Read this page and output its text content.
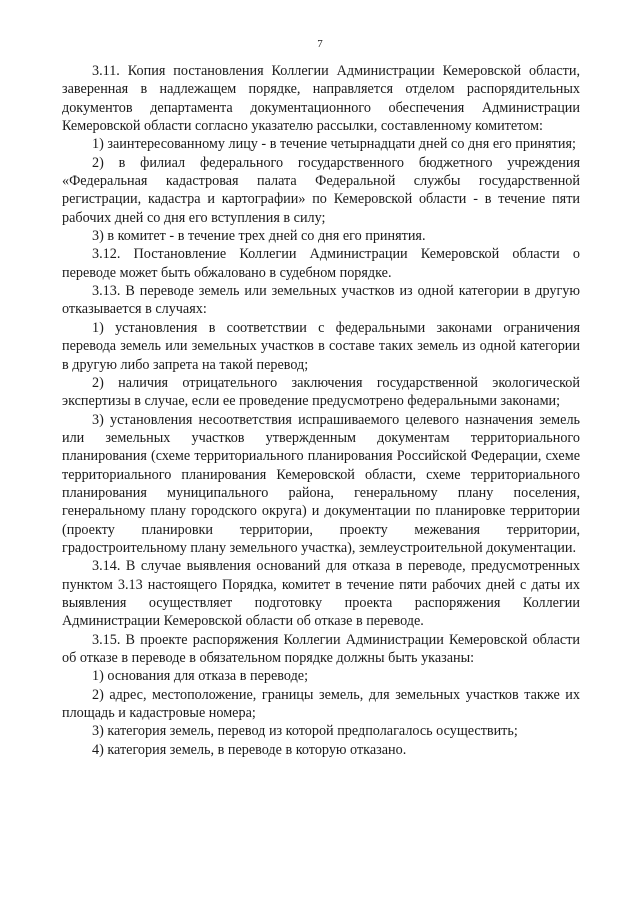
7

3.11. Копия постановления Коллегии Администрации Кемеровской области, заверенная в надлежащем порядке, направляется отделом распорядительных документов департамента документационного обеспечения Администрации Кемеровской области согласно указателю рассылки, составленному комитетом:

1) заинтересованному лицу - в течение четырнадцати дней со дня его принятия;

2) в филиал федерального государственного бюджетного учреждения «Федеральная кадастровая палата Федеральной службы государственной регистрации, кадастра и картографии» по Кемеровской области - в течение пяти рабочих дней со дня его вступления в силу;

3) в комитет - в течение трех дней со дня его принятия.

3.12. Постановление Коллегии Администрации Кемеровской области о переводе может быть обжаловано в судебном порядке.

3.13. В переводе земель или земельных участков из одной категории в другую отказывается в случаях:

1) установления в соответствии с федеральными законами ограничения перевода земель или земельных участков в составе таких земель из одной категории в другую либо запрета на такой перевод;

2) наличия отрицательного заключения государственной экологической экспертизы в случае, если ее проведение предусмотрено федеральными законами;

3) установления несоответствия испрашиваемого целевого назначения земель или земельных участков утвержденным документам территориального планирования (схеме территориального планирования Российской Федерации, схеме территориального планирования Кемеровской области, схеме территориального планирования муниципального района, генеральному плану поселения, генеральному плану городского округа) и документации по планировке территории (проекту планировки территории, проекту межевания территории, градостроительному плану земельного участка), землеустроительной документации.

3.14. В случае выявления оснований для отказа в переводе, предусмотренных пунктом 3.13 настоящего Порядка, комитет в течение пяти рабочих дней с даты их выявления осуществляет подготовку проекта распоряжения Коллегии Администрации Кемеровской области об отказе в переводе.

3.15. В проекте распоряжения Коллегии Администрации Кемеровской области об отказе в переводе в обязательном порядке должны быть указаны:

1) основания для отказа в переводе;

2) адрес, местоположение, границы земель, для земельных участков также их площадь и кадастровые номера;

3) категория земель, перевод из которой предполагалось осуществить;

4) категория земель, в переводе в которую отказано.
